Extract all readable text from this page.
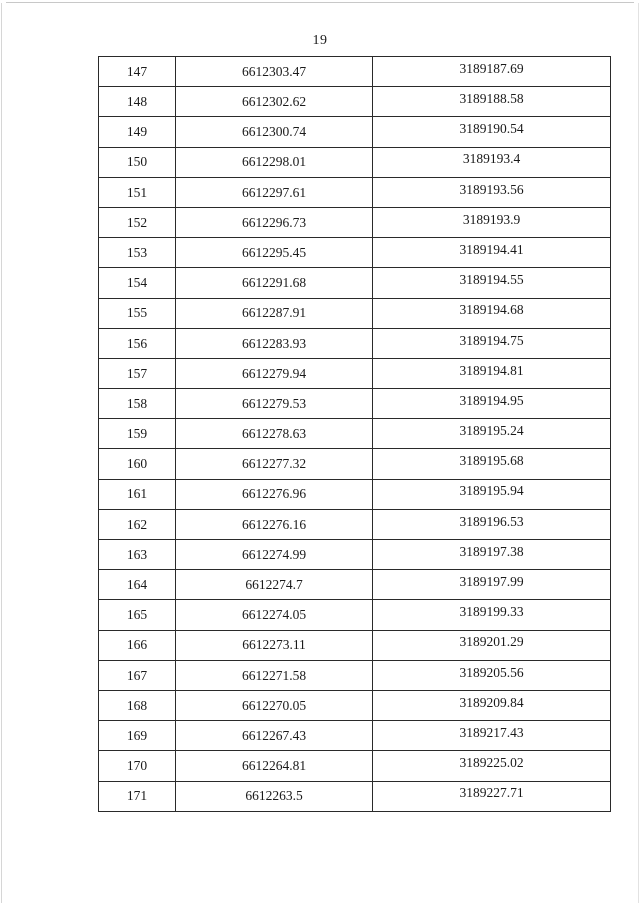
19
147	6612303.47	3189187.69
148	6612302.62	3189188.58
149	6612300.74	3189190.54
150	6612298.01	3189193.4
151	6612297.61	3189193.56
152	6612296.73	3189193.9
153	6612295.45	3189194.41
154	6612291.68	3189194.55
155	6612287.91	3189194.68
156	6612283.93	3189194.75
157	6612279.94	3189194.81
158	6612279.53	3189194.95
159	6612278.63	3189195.24
160	6612277.32	3189195.68
161	6612276.96	3189195.94
162	6612276.16	3189196.53
163	6612274.99	3189197.38
164	6612274.7	3189197.99
165	6612274.05	3189199.33
166	6612273.11	3189201.29
167	6612271.58	3189205.56
168	6612270.05	3189209.84
169	6612267.43	3189217.43
170	6612264.81	3189225.02
171	6612263.5	3189227.71
